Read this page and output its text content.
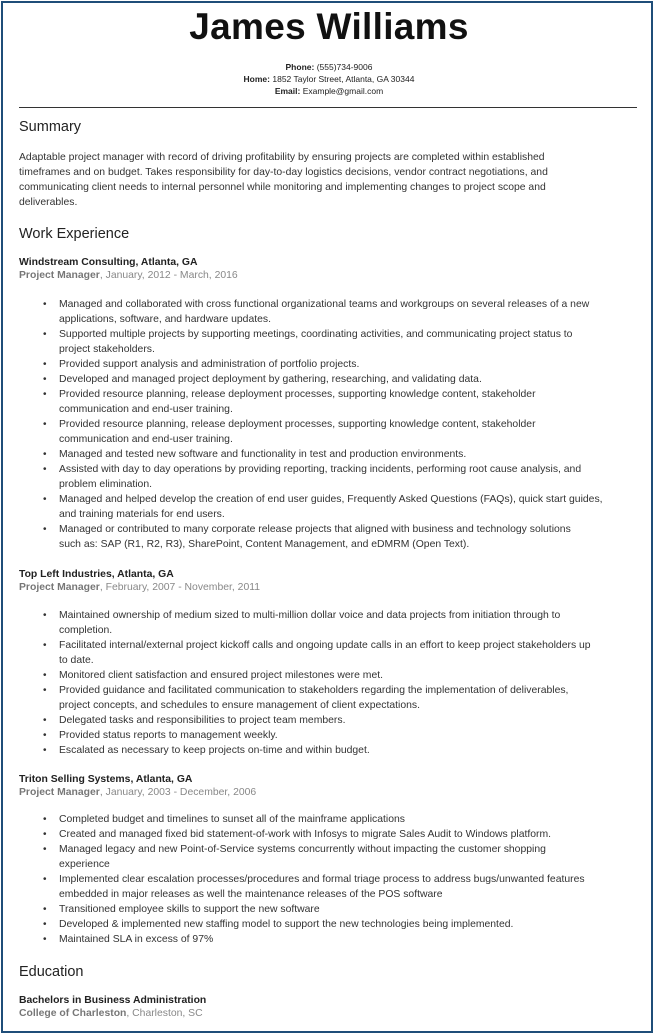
James Williams
Phone: (555)734-9006
Home: 1852 Taylor Street, Atlanta, GA 30344
Email: Example@gmail.com
Summary
Adaptable project manager with record of driving profitability by ensuring projects are completed within established
timeframes and on budget. Takes responsibility for day-to-day logistics decisions, vendor contract negotiations, and
communicating client needs to internal personnel while monitoring and implementing changes to project scope and
deliverables.
Work Experience
Windstream Consulting, Atlanta, GA
Project Manager, January, 2012 - March, 2016
• Managed and collaborated with cross functional organizational teams and workgroups on several releases of a new
applications, software, and hardware updates.
• Supported multiple projects by supporting meetings, coordinating activities, and communicating project status to
project stakeholders.
• Provided support analysis and administration of portfolio projects.
• Developed and managed project deployment by gathering, researching, and validating data.
• Provided resource planning, release deployment processes, supporting knowledge content, stakeholder
communication and end-user training.
• Provided resource planning, release deployment processes, supporting knowledge content, stakeholder
communication and end-user training.
• Managed and tested new software and functionality in test and production environments.
• Assisted with day to day operations by providing reporting, tracking incidents, performing root cause analysis, and
problem elimination.
• Managed and helped develop the creation of end user guides, Frequently Asked Questions (FAQs), quick start guides,
and training materials for end users.
• Managed or contributed to many corporate release projects that aligned with business and technology solutions
such as: SAP (R1, R2, R3), SharePoint, Content Management, and eDMRM (Open Text).
Top Left Industries, Atlanta, GA
Project Manager, February, 2007 - November, 2011
• Maintained ownership of medium sized to multi-million dollar voice and data projects from initiation through to
completion.
• Facilitated internal/external project kickoff calls and ongoing update calls in an effort to keep project stakeholders up
to date.
• Monitored client satisfaction and ensured project milestones were met.
• Provided guidance and facilitated communication to stakeholders regarding the implementation of deliverables,
project concepts, and schedules to ensure management of client expectations.
• Delegated tasks and responsibilities to project team members.
• Provided status reports to management weekly.
• Escalated as necessary to keep projects on-time and within budget.
Triton Selling Systems, Atlanta, GA
Project Manager, January, 2003 - December, 2006
• Completed budget and timelines to sunset all of the mainframe applications
• Created and managed fixed bid statement-of-work with Infosys to migrate Sales Audit to Windows platform.
• Managed legacy and new Point-of-Service systems concurrently without impacting the customer shopping
experience
• Implemented clear escalation processes/procedures and formal triage process to address bugs/unwanted features
embedded in major releases as well the maintenance releases of the POS software
• Transitioned employee skills to support the new software
• Developed & implemented new staffing model to support the new technologies being implemented.
• Maintained SLA in excess of 97%
Education
Bachelors in Business Administration
College of Charleston, Charleston, SC
